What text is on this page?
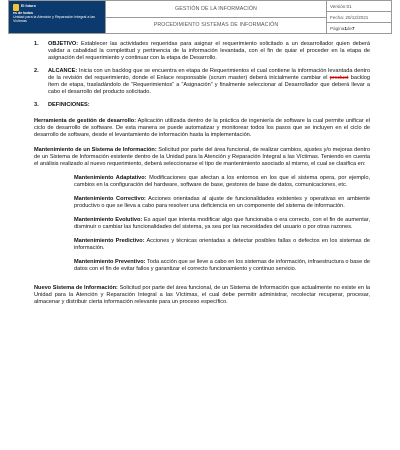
El futuro
es de todos
Unidad para la Atención y Reparación Integral a las Víctimas
GESTIÓN DE LA INFORMACIÓN
PROCEDIMIENTO SISTEMAS DE INFORMACIÓN
Versión:01
Fecha: 20/12/2021
Página 1 de 7
1.	OBJETIVO: Establecer las actividades requeridas para asignar el requerimiento solicitado a un desarrollador quien deberá validar a cabalidad la completitud y pertinencia de la información levantada, con el fin de quiar el proceder en la etapa de asignación del requerimiento y continuar con la etapa de Desarrollo.
2.	ALCANCE: Inicia con un backlog que se encuentra en etapa de Requerimientos el cual contiene la información levantada dentro de la revisión del requerimiento, donde el Enlace responsable (scrum master) deberá inicialmente cambiar el product backlog ítem de etapa, trasladándolo de “Requerimientos” a “Asignación” y finalmente seleccionar al Desarrollador que deberá llevar a cabo el desarrollo del producto solicitado.
3. DEFINICIONES:
Herramienta de gestión de desarrollo: Aplicación utilizada dentro de la práctica de ingeniería de software la cual permite unificar el ciclo de desarrollo de software. De esta manera se puede automatizar y monitorear todos los pasos que se incluyen en el ciclo de desarrollo de software, desde el levantamiento de información hasta la implementación.
Mantenimiento de un Sistema de Información: Solicitud por parte del área funcional, de realizar cambios, ajustes y/o mejoras dentro de un Sistema de Información existente dentro de la Unidad para la Atención y Reparación Integral a las Víctimas. Teniendo en cuenta el análisis realizado al nuevo requerimiento, deberá seleccionarse el tipo de mantenimiento asociado al mismo, el cual se clasifica en:
Mantenimiento Adaptativo: Modificaciones que afectan a los entornos en los que el sistema opera, por ejemplo, cambios en la configuración del hardware, software de base, gestores de base de datos, comunicaciones, etc.
Mantenimiento Correctivo: Acciones orientadas al ajuste de funcionalidades existentes y operativas en ambiente productivo o que se lleva a cabo para resolver una deficiencia en un componente del sistema de información.
Mantenimiento Evolutivo: Es aquel que intenta modificar algo que funcionaba o era correcto, con el fin de aumentar, disminuir o cambiar las funcionalidades del sistema, ya sea por las necesidades del usuario o por otras razones.
Mantenimiento Predictivo: Acciones y técnicas orientadas a detectar posibles fallas o defectos en los sistemas de información.
Mantenimiento Preventivo: Toda acción que se lleve a cabo en los sistemas de información, infraestructura o base de datos con el fin de evitar fallos y garantizar el correcto funcionamiento y continuo servicio.
Nuevo Sistema de Información: Solicitud por parte del área funcional, de un Sistema de Información que actualmente no existe en la Unidad para la Atención y Reparación Integral a las Víctimas, el cual debe permitir administrar, recolectar recuperar, procesar, almacenar y distribuir cierta información relevante para un proceso específico.
